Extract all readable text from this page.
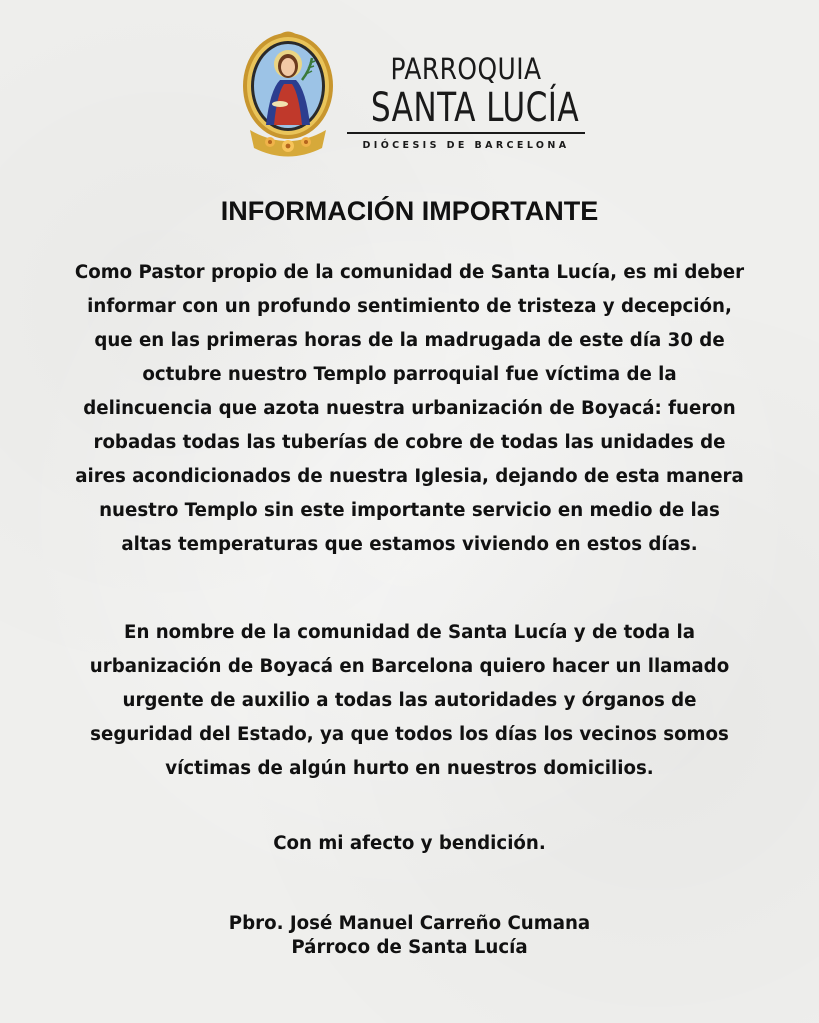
PARROQUIA
SANTA LUCÍA
DIÓCESIS DE BARCELONA
INFORMACIÓN IMPORTANTE
Como Pastor propio de la comunidad de Santa Lucía, es mi deber
informar con un profundo sentimiento de tristeza y decepción,
que en las primeras horas de la madrugada de este día 30 de
octubre nuestro Templo parroquial fue víctima de la
delincuencia que azota nuestra urbanización de Boyacá: fueron
robadas todas las tuberías de cobre de todas las unidades de
aires acondicionados de nuestra Iglesia, dejando de esta manera
nuestro Templo sin este importante servicio en medio de las
altas temperaturas que estamos viviendo en estos días.
En nombre de la comunidad de Santa Lucía y de toda la
urbanización de Boyacá en Barcelona quiero hacer un llamado
urgente de auxilio a todas las autoridades y órganos de
seguridad del Estado, ya que todos los días los vecinos somos
víctimas de algún hurto en nuestros domicilios.
Con mi afecto y bendición.
Pbro. José Manuel Carreño Cumana
Párroco de Santa Lucía
